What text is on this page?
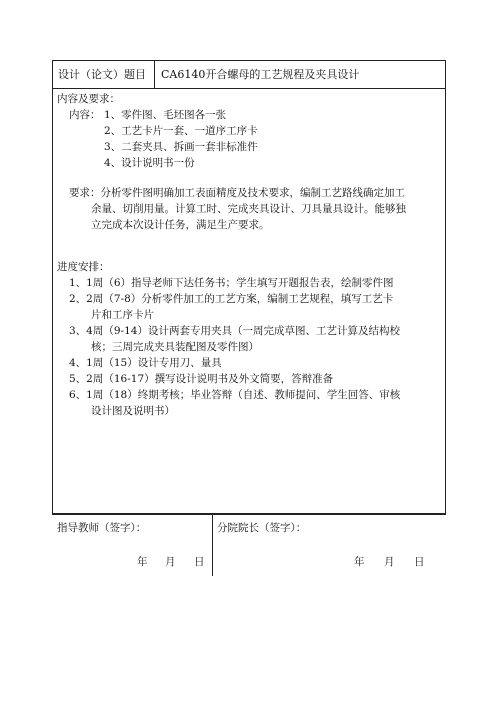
设计（论文）题目	CA6140开合螺母的工艺规程及夹具设计
内容及要求：
内容： 1、零件图、毛坯图各一张
2、工艺卡片一套、一道序工序卡
3、二套夹具、拆画一套非标准件
4、设计说明书一份
要求：分析零件图明确加工表面精度及技术要求，编制工艺路线确定加工
余量、切削用量。计算工时、完成夹具设计、刀具量具设计。能够独
立完成本次设计任务，满足生产要求。
进度安排：
1、1周（6）指导老师下达任务书；学生填写开题报告表，绘制零件图
2、2周（7-8）分析零件加工的工艺方案，编制工艺规程，填写工艺卡
片和工序卡片
3、4周（9-14）设计两套专用夹具（一周完成草图、工艺计算及结构校
核；三周完成夹具装配图及零件图）
4、1周（15）设计专用刀、量具
5、2周（16-17）撰写设计说明书及外文简要，答辩准备
6、1周（18）终期考核；毕业答辩（自述、教师提问、学生回答、审核
设计图及说明书）
指导教师（签字）：
年 月 日
分院院长（签字）：
年 月 日
